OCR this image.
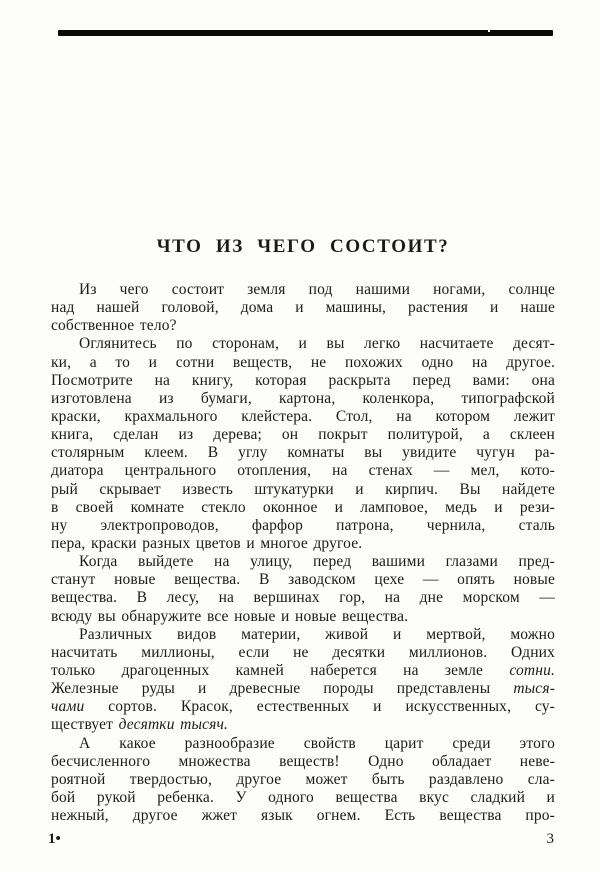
ЧТО ИЗ ЧЕГО СОСТОИТ?
Из чего состоит земля под нашими ногами, солнце
над нашей головой, дома и машины, растения и наше
собственное тело?
Оглянитесь по сторонам, и вы легко насчитаете десят-
ки, а то и сотни веществ, не похожих одно на другое.
Посмотрите на книгу, которая раскрыта перед вами: она
изготовлена из бумаги, картона, коленкора, типографской
краски, крахмального клейстера. Стол, на котором лежит
книга, сделан из дерева; он покрыт политурой, а склеен
столярным клеем. В углу комнаты вы увидите чугун ра-
диатора центрального отопления, на стенах — мел, кото-
рый скрывает известь штукатурки и кирпич. Вы найдете
в своей комнате стекло оконное и ламповое, медь и рези-
ну электропроводов, фарфор патрона, чернила, сталь
пера, краски разных цветов и многое другое.
Когда выйдете на улицу, перед вашими глазами пред-
станут новые вещества. В заводском цехе — опять новые
вещества. В лесу, на вершинах гор, на дне морском —
всюду вы обнаружите все новые и новые вещества.
Различных видов материи, живой и мертвой, можно
насчитать миллионы, если не десятки миллионов. Одних
только драгоценных камней наберется на земле сотни.
Железные руды и древесные породы представлены тыся-
чами сортов. Красок, естественных и искусственных, су-
ществует десятки тысяч.
А какое разнообразие свойств царит среди этого
бесчисленного множества веществ! Одно обладает неве-
роятной твердостью, другое может быть раздавлено сла-
бой рукой ребенка. У одного вещества вкус сладкий и
нежный, другое жжет язык огнем. Есть вещества про-
1•	3
